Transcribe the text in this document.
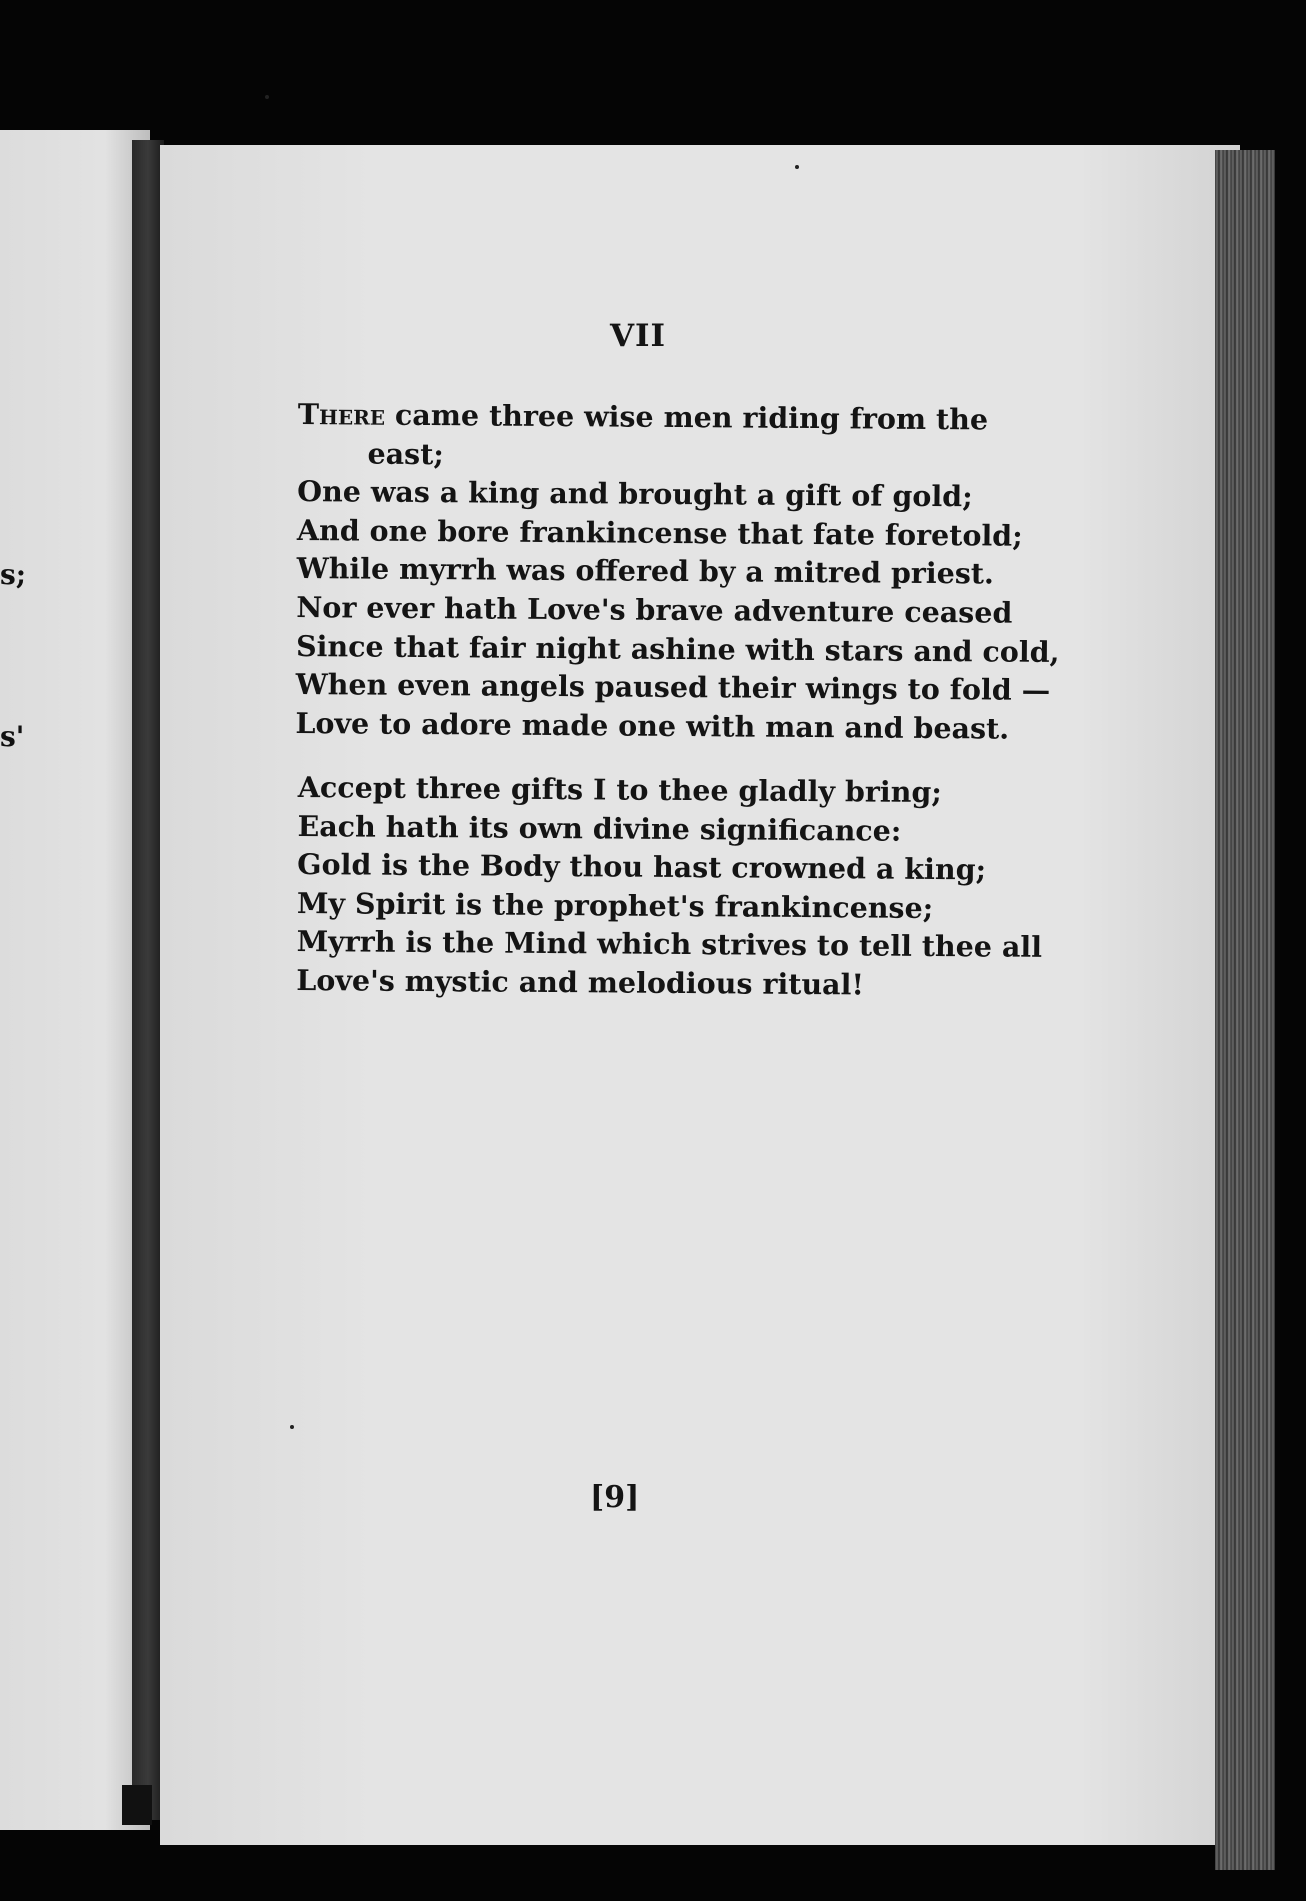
s;
s'
VII
There came three wise men riding from the
east;
One was a king and brought a gift of gold;
And one bore frankincense that fate foretold;
While myrrh was offered by a mitred priest.
Nor ever hath Love's brave adventure ceased
Since that fair night ashine with stars and cold,
When even angels paused their wings to fold —
Love to adore made one with man and beast.
Accept three gifts I to thee gladly bring;
Each hath its own divine significance:
Gold is the Body thou hast crowned a king;
My Spirit is the prophet's frankincense;
Myrrh is the Mind which strives to tell thee all
Love's mystic and melodious ritual!
[9]
